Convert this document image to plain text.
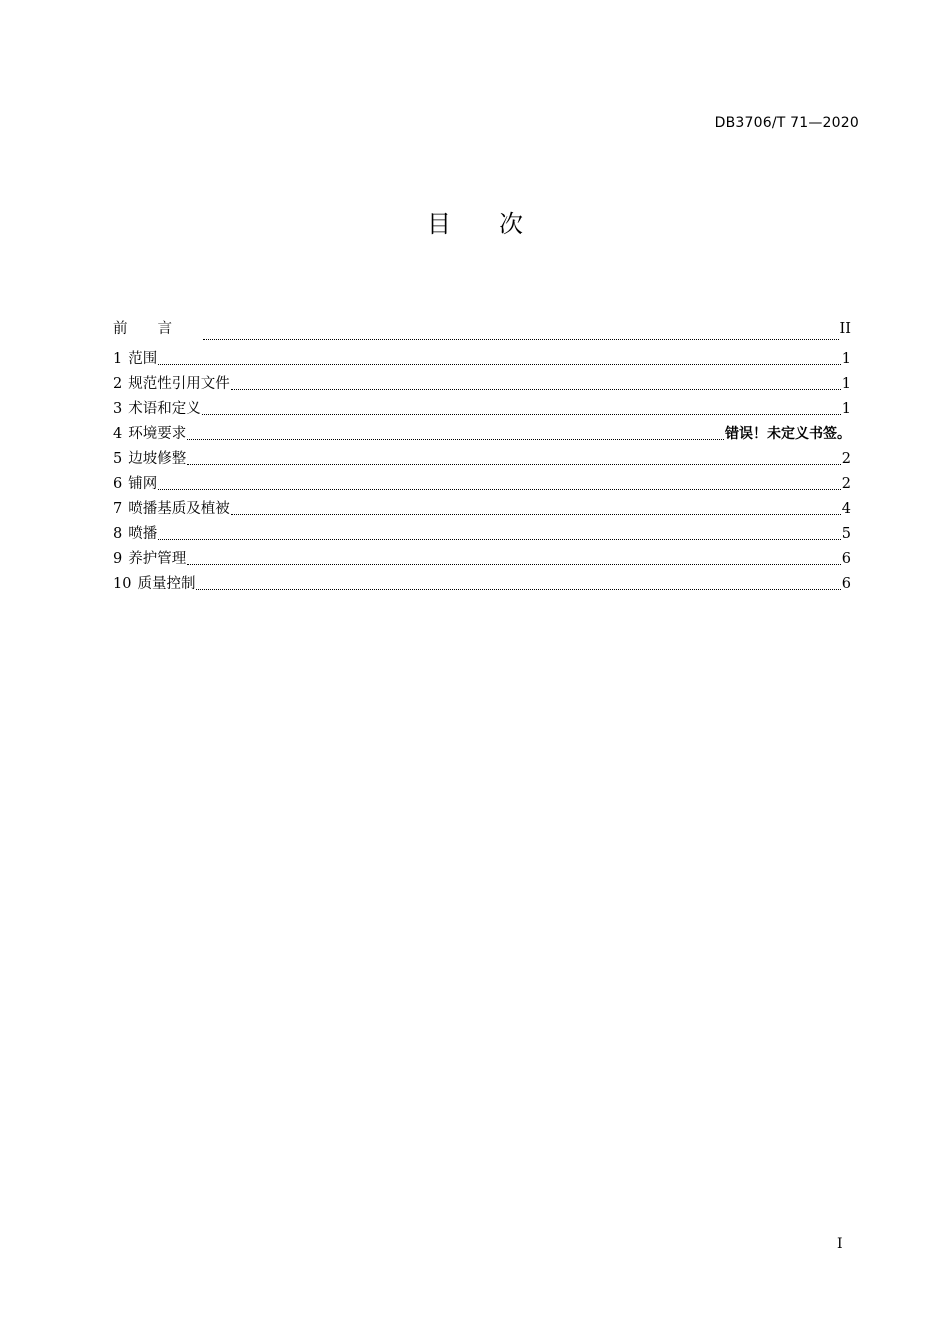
DB3706/T 71—2020
目 次
前言	II
1 范围	1
2 规范性引用文件	1
3 术语和定义	1
4 环境要求	错误！未定义书签。
5 边坡修整	2
6 铺网	2
7 喷播基质及植被	4
8 喷播	5
9 养护管理	6
10 质量控制	6
I
